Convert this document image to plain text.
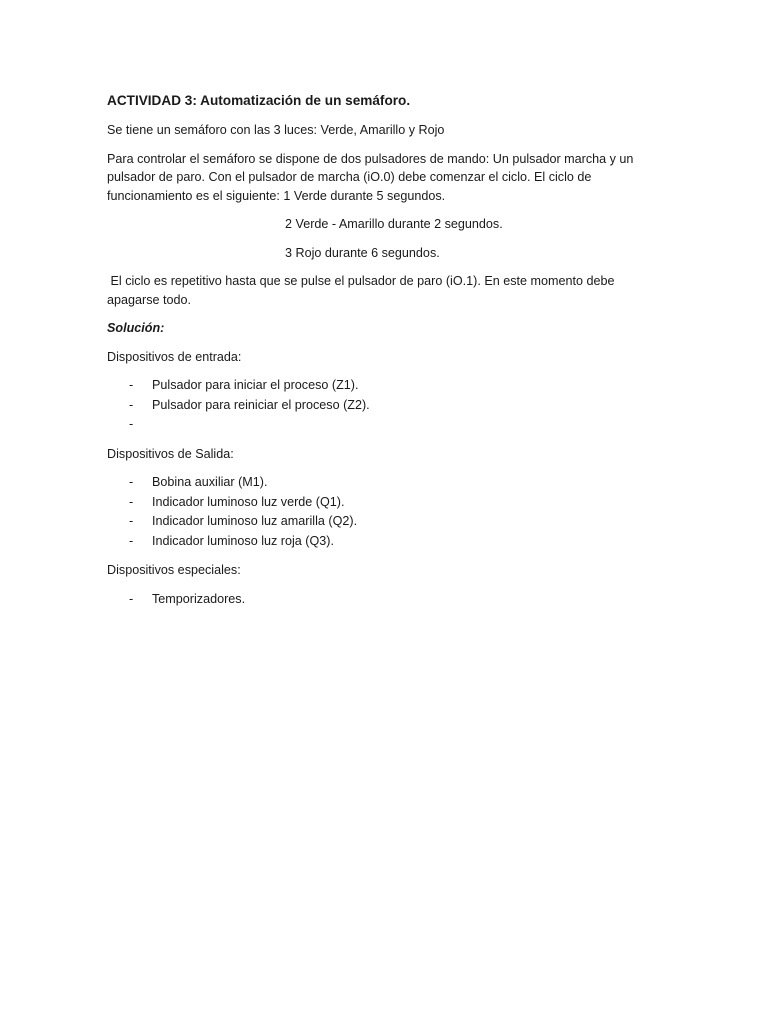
ACTIVIDAD 3: Automatización de un semáforo.

Se tiene un semáforo con las 3 luces: Verde, Amarillo y Rojo

Para controlar el semáforo se dispone de dos pulsadores de mando: Un pulsador marcha y un

pulsador de paro. Con el pulsador de marcha (iO.0) debe comenzar el ciclo. El ciclo de

funcionamiento es el siguiente: 1 Verde durante 5 segundos.

2 Verde - Amarillo durante 2 segundos.

3 Rojo durante 6 segundos.

El ciclo es repetitivo hasta que se pulse el pulsador de paro (iO.1). En este momento debe

apagarse todo.

Solución:

Dispositivos de entrada:

- Pulsador para iniciar el proceso (Z1).
- Pulsador para reiniciar el proceso (Z2).
-

Dispositivos de Salida:

- Bobina auxiliar (M1).
- Indicador luminoso luz verde (Q1).
- Indicador luminoso luz amarilla (Q2).
- Indicador luminoso luz roja (Q3).

Dispositivos especiales:

- Temporizadores.
